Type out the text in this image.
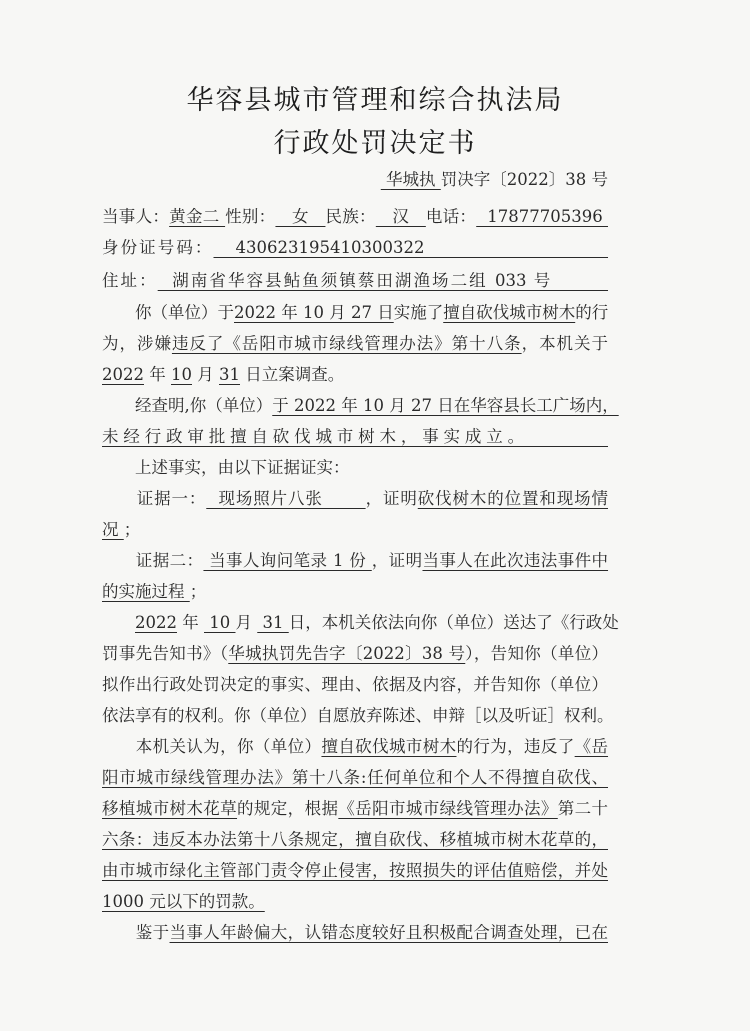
华容县城市管理和综合执法局
行政处罚决定书
华城执 罚决字〔2022〕38 号
当事人：黄金二 性别：   女   民族：   汉   电话：  17877705396
身份证号码：   430623195410300322
住址：  湖南省华容县鲇鱼须镇蔡田湖渔场二组 033 号
　　你（单位）于2022 年 10 月 27 日实施了擅自砍伐城市树木的行
为，涉嫌违反了《岳阳市城市绿线管理办法》第十八条，本机关于
2022 年 10 月 31 日立案调查。
　　经查明,你（单位）于 2022 年 10 月 27 日在华容县长工广场内，
未经行政审批擅自砍伐城市树木，事实成立。
　　上述事实，由以下证据证实：
　　证据一：  现场照片八张       ，证明砍伐树木的位置和现场情
况 ；
　　证据二： 当事人询问笔录 1 份 ，证明当事人在此次违法事件中
的实施过程 ；
　　2022 年  10 月  31 日，本机关依法向你（单位）送达了《行政处
罚事先告知书》（华城执罚先告字〔2022〕38 号），告知你（单位）
拟作出行政处罚决定的事实、理由、依据及内容，并告知你（单位）
依法享有的权利。你（单位）自愿放弃陈述、申辩［以及听证］权利。
　　本机关认为，你（单位）擅自砍伐城市树木的行为，违反了《岳
阳市城市绿线管理办法》第十八条:任何单位和个人不得擅自砍伐、
移植城市树木花草的规定，根据《岳阳市城市绿线管理办法》第二十
六条：违反本办法第十八条规定，擅自砍伐、移植城市树木花草的，
由市城市绿化主管部门责令停止侵害，按照损失的评估值赔偿，并处
1000 元以下的罚款。
　　鉴于当事人年龄偏大，认错态度较好且积极配合调查处理，已在
